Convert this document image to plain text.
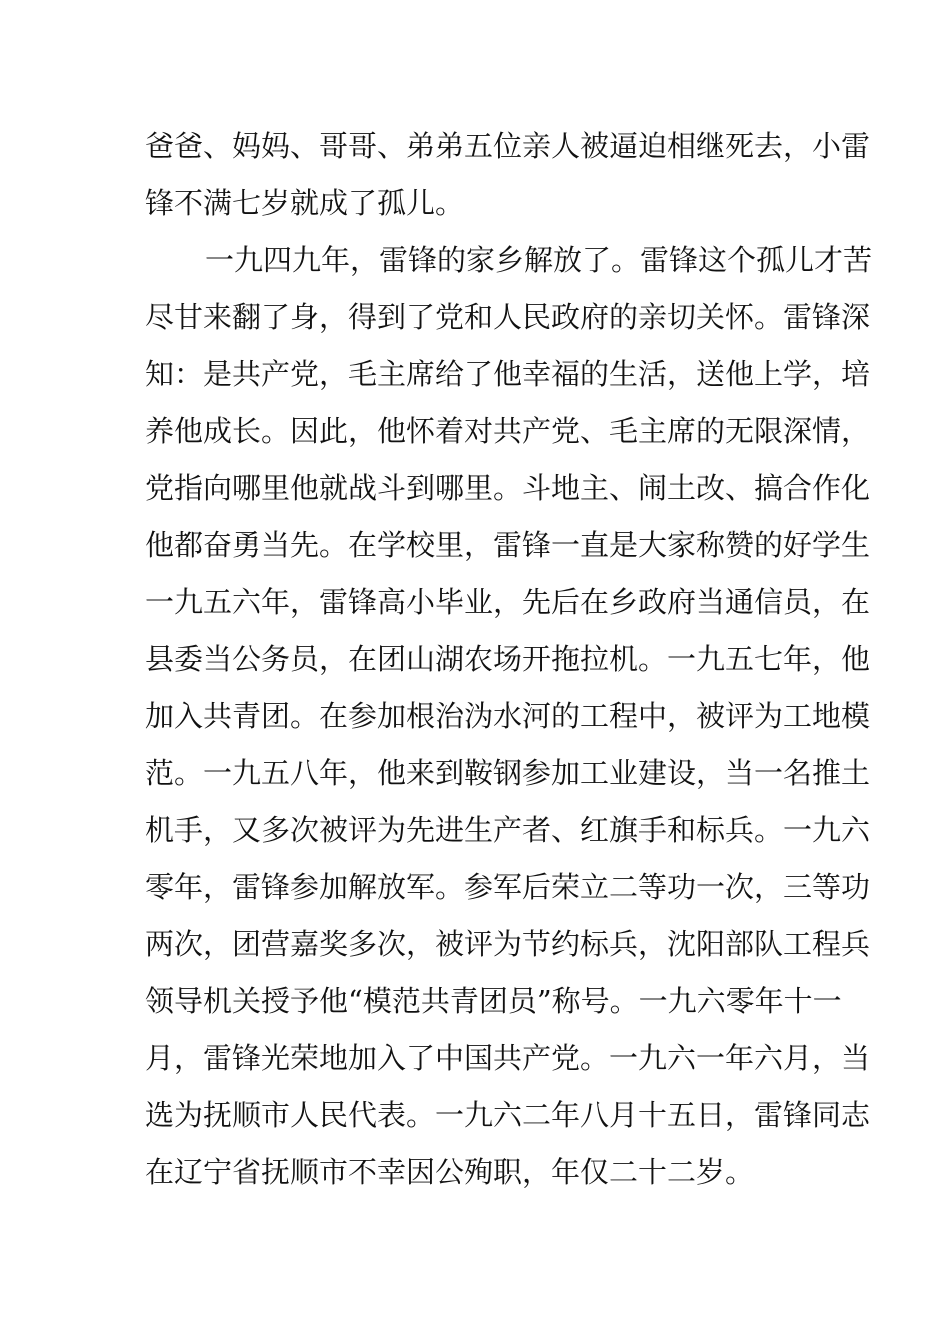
爸爸、妈妈、哥哥、弟弟五位亲人被逼迫相继死去，小雷
锋不满七岁就成了孤儿。
一九四九年，雷锋的家乡解放了。雷锋这个孤儿才苦
尽甘来翻了身，得到了党和人民政府的亲切关怀。雷锋深
知：是共产党，毛主席给了他幸福的生活，送他上学，培
养他成长。因此，他怀着对共产党、毛主席的无限深情，
党指向哪里他就战斗到哪里。斗地主、闹土改、搞合作化
他都奋勇当先。在学校里，雷锋一直是大家称赞的好学生
一九五六年，雷锋高小毕业，先后在乡政府当通信员，在
县委当公务员，在团山湖农场开拖拉机。一九五七年，他
加入共青团。在参加根治沩水河的工程中，被评为工地模
范。一九五八年，他来到鞍钢参加工业建设，当一名推土
机手，又多次被评为先进生产者、红旗手和标兵。一九六
零年，雷锋参加解放军。参军后荣立二等功一次，三等功
两次，团营嘉奖多次，被评为节约标兵，沈阳部队工程兵
领导机关授予他“模范共青团员”称号。一九六零年十一
月，雷锋光荣地加入了中国共产党。一九六一年六月，当
选为抚顺市人民代表。一九六二年八月十五日，雷锋同志
在辽宁省抚顺市不幸因公殉职，年仅二十二岁。
